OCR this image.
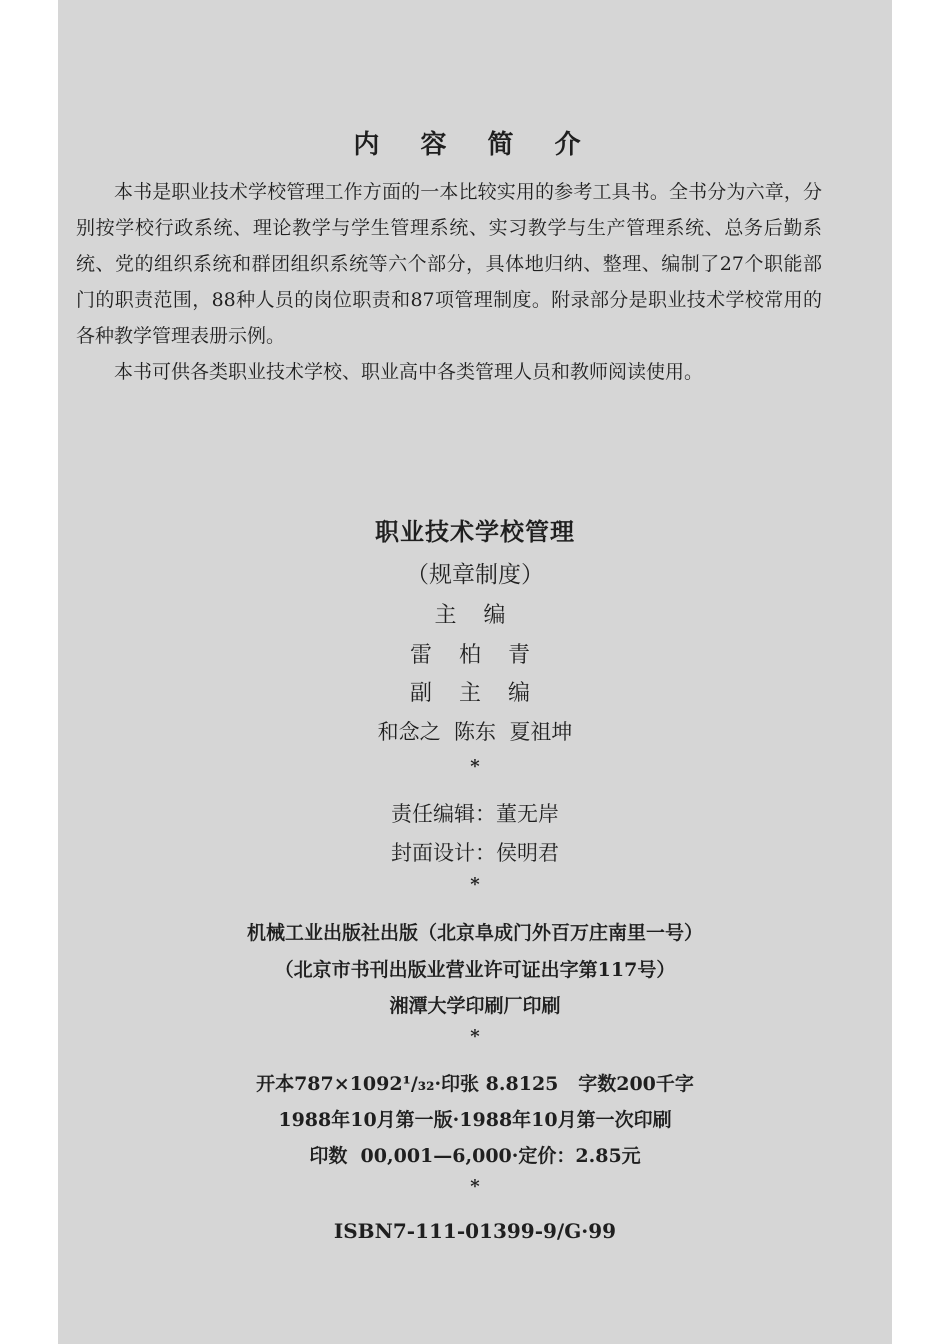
内 容 简 介

本书是职业技术学校管理工作方面的一本比较实用的参考工具书。全书分为六章，分别按学校行政系统、理论教学与学生管理系统、实习教学与生产管理系统、总务后勤系统、党的组织系统和群团组织系统等六个部分，具体地归纳、整理、编制了27个职能部门的职责范围，88种人员的岗位职责和87项管理制度。附录部分是职业技术学校常用的各种教学管理表册示例。

本书可供各类职业技术学校、职业高中各类管理人员和教师阅读使用。

职业技术学校管理
（规章制度）
主 编
雷 柏 青
副 主 编
和念之  陈东  夏祖坤
*
责任编辑：董无岸
封面设计：侯明君
*
机械工业出版社出版（北京阜成门外百万庄南里一号）
（北京市书刊出版业营业许可证出字第117号）
湘潭大学印刷厂印刷
*
开本787×1092¹/₃₂·印张 8.8125   字数200千字
1988年10月第一版·1988年10月第一次印刷
印数  00,001—6,000·定价：2.85元
*
ISBN7-111-01399-9/G·99
